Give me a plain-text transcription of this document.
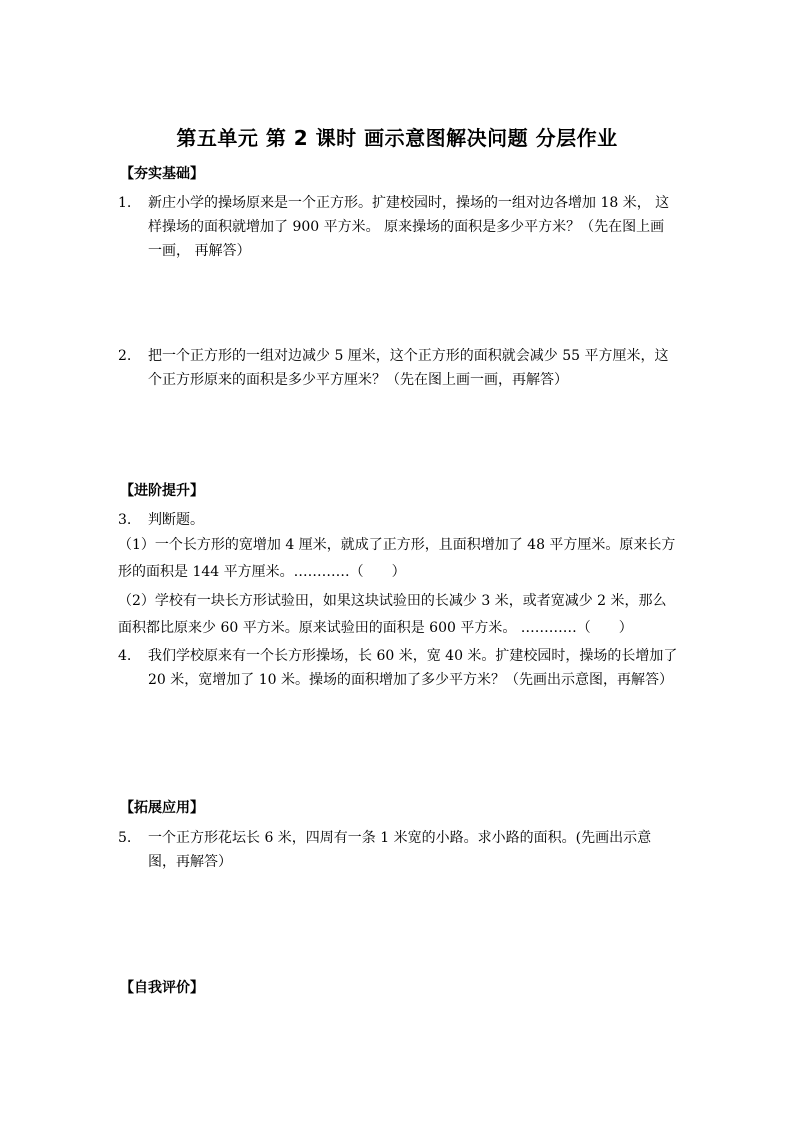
第五单元 第 2 课时 画示意图解决问题 分层作业
【夯实基础】
1.	新庄小学的操场原来是一个正方形。扩建校园时，操场的一组对边各增加 18 米， 这样操场的面积就增加了 900 平方米。 原来操场的面积是多少平方米？（先在图上画一画， 再解答）
2.	把一个正方形的一组对边减少 5 厘米，这个正方形的面积就会减少 55 平方厘米，这个正方形原来的面积是多少平方厘米？（先在图上画一画，再解答）
【进阶提升】
3.	判断题。
（1）一个长方形的宽增加 4 厘米，就成了正方形，且面积增加了 48 平方厘米。原来长方形的面积是 144 平方厘米。…………（　　）
（2）学校有一块长方形试验田，如果这块试验田的长减少 3 米，或者宽减少 2 米，那么面积都比原来少 60 平方米。原来试验田的面积是 600 平方米。 …………（　　）
4.	我们学校原来有一个长方形操场，长 60 米，宽 40 米。扩建校园时，操场的长增加了 20 米，宽增加了 10 米。操场的面积增加了多少平方米？（先画出示意图，再解答）
【拓展应用】
5.	一个正方形花坛长 6 米，四周有一条 1 米宽的小路。求小路的面积。(先画出示意图，再解答）
【自我评价】
